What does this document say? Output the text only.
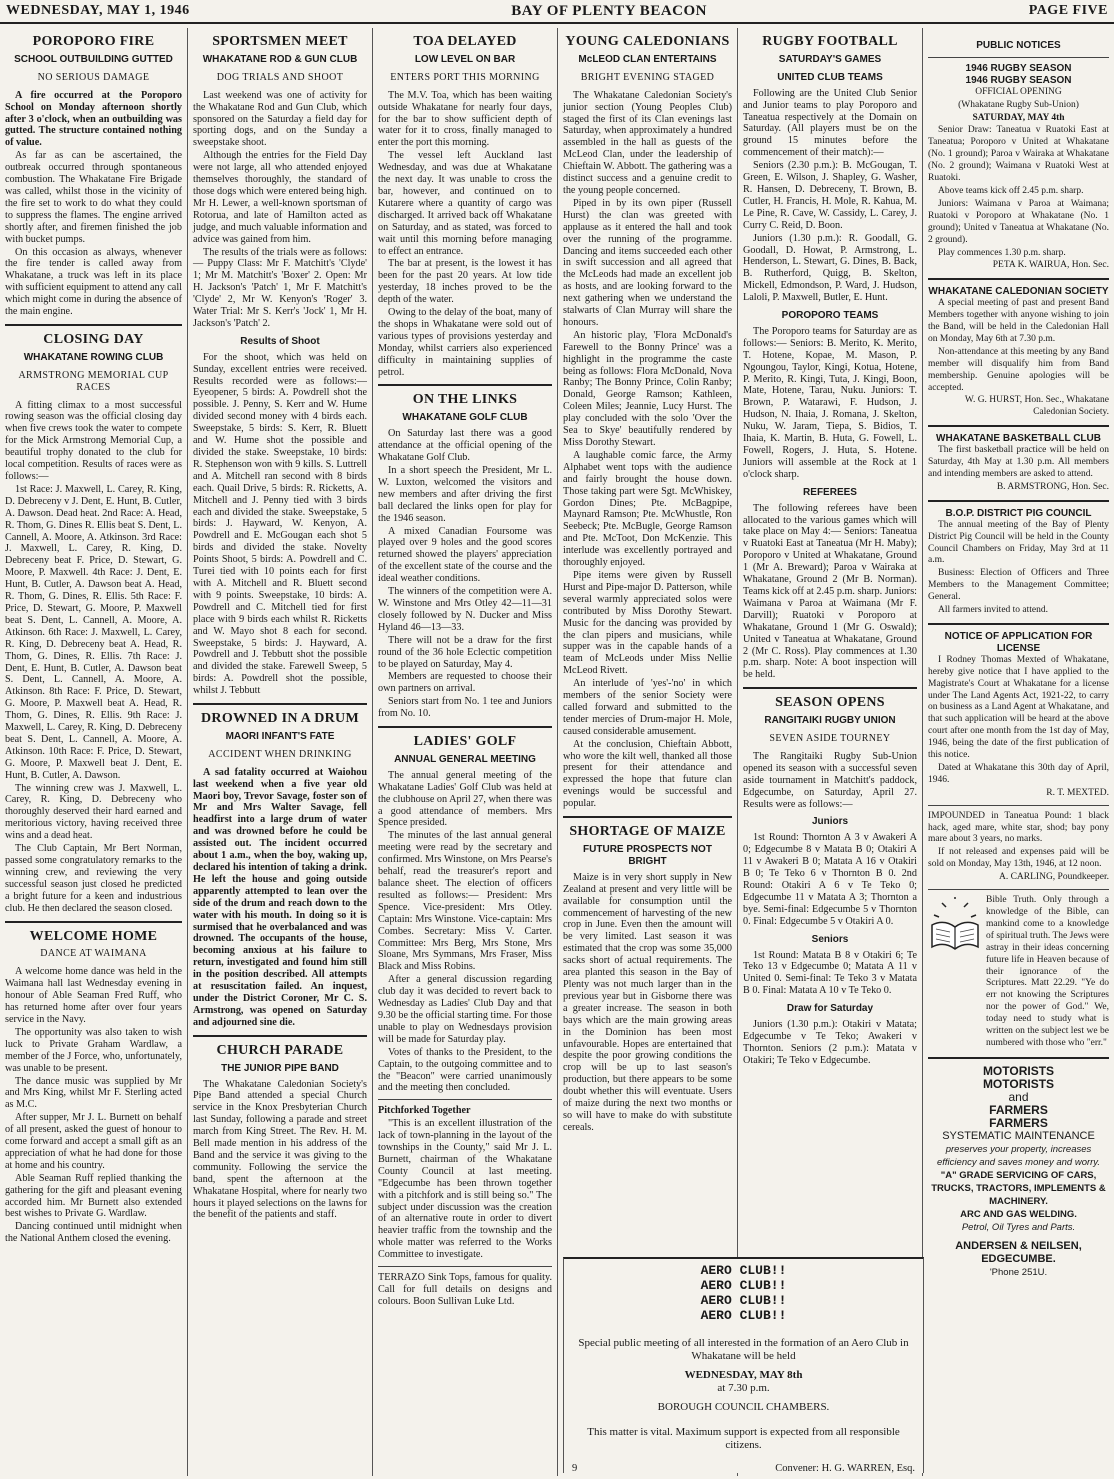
WEDNESDAY, MAY 1, 1946	BAY OF PLENTY BEACON	PAGE FIVE
POROPORO FIRE
SCHOOL OUTBUILDING GUTTED
NO SERIOUS DAMAGE

A fire occurred at the Poroporo School on Monday afternoon shortly after 3 o'clock, when an outbuilding was gutted. The structure contained nothing of value.

As far as can be ascertained, the outbreak occurred through spontaneous combustion. The Whakatane Fire Brigade was called, whilst those in the vicinity of the fire set to work to do what they could to suppress the flames. The engine arrived shortly after, and firemen finished the job with bucket pumps.

On this occasion as always, whenever the fire tender is called away from Whakatane, a truck was left in its place with sufficient equipment to attend any call which might come in during the absence of the main engine.

CLOSING DAY
WHAKATANE ROWING CLUB
ARMSTRONG MEMORIAL CUP RACES

A fitting climax to a most successful rowing season was the official closing day when five crews took the water to compete for the Mick Armstrong Memorial Cup, a beautiful trophy donated to the club for local competition. Results of races were as follows:—

1st Race: J. Maxwell, L. Carey, R. King, D. Debreceny v J. Dent, E. Hunt, B. Cutler, A. Dawson. Dead heat. 2nd Race: A. Head, R. Thom, G. Dines R. Ellis beat S. Dent, L. Cannell, A. Moore, A. Atkinson. 3rd Race: J. Maxwell, L. Carey, R. King, D. Debreceny beat F. Price, D. Stewart, G. Moore, P. Maxwell. 4th Race: J. Dent, E. Hunt, B. Cutler, A. Dawson beat A. Head, R. Thom, G. Dines, R. Ellis. 5th Race: F. Price, D. Stewart, G. Moore, P. Maxwell beat S. Dent, L. Cannell, A. Moore, A. Atkinson. 6th Race: J. Maxwell, L. Carey, R. King, D. Debreceny beat A. Head, R. Thom, G. Dines, R. Ellis. 7th Race: J. Dent, E. Hunt, B. Cutler, A. Dawson beat S. Dent, L. Cannell, A. Moore, A. Atkinson. 8th Race: F. Price, D. Stewart, G. Moore, P. Maxwell beat A. Head, R. Thom, G. Dines, R. Ellis. 9th Race: J. Maxwell, L. Carey, R. King, D. Debreceny beat S. Dent, L. Cannell, A. Moore, A. Atkinson. 10th Race: F. Price, D. Stewart, G. Moore, P. Maxwell beat J. Dent, E. Hunt, B. Cutler, A. Dawson.

The winning crew was J. Maxwell, L. Carey, R. King, D. Debreceny who thoroughly deserved their hard earned and meritorious victory, having received three wins and a dead heat.

The Club Captain, Mr Bert Norman, passed some congratulatory remarks to the winning crew, and reviewing the very successful season just closed he predicted a bright future for a keen and industrious club. He then declared the season closed.

WELCOME HOME
DANCE AT WAIMANA

A welcome home dance was held in the Waimana hall last Wednesday evening in honour of Able Seaman Fred Ruff, who has returned home after over four years service in the Navy.

The opportunity was also taken to wish luck to Private Graham Wardlaw, a member of the J Force, who, unfortunately, was unable to be present.

The dance music was supplied by Mr and Mrs King, whilst Mr F. Sterling acted as M.C.

After supper, Mr J. L. Burnett on behalf of all present, asked the guest of honour to come forward and accept a small gift as an appreciation of what he had done for those at home and his country.

Able Seaman Ruff replied thanking the gathering for the gift and pleasant evening accorded him. Mr Burnett also extended best wishes to Private G. Wardlaw.

Dancing continued until midnight when the National Anthem closed the evening.

SPORTSMEN MEET
WHAKATANE ROD & GUN CLUB
DOG TRIALS AND SHOOT

Last weekend was one of activity for the Whakatane Rod and Gun Club, which sponsored on the Saturday a field day for sporting dogs, and on the Sunday a sweepstake shoot.

Although the entries for the Field Day were not large, all who attended enjoyed themselves thoroughly, the standard of those dogs which were entered being high. Mr H. Lewer, a well-known sportsman of Rotorua, and late of Hamilton acted as judge, and much valuable information and advice was gained from him.

The results of the trials were as follows:— Puppy Class: Mr F. Matchitt's 'Clyde' 1; Mr M. Matchitt's 'Boxer' 2. Open: Mr H. Jackson's 'Patch' 1, Mr F. Matchitt's 'Clyde' 2, Mr W. Kenyon's 'Roger' 3. Water Trial: Mr S. Kerr's 'Jock' 1, Mr H. Jackson's 'Patch' 2.

Results of Shoot

For the shoot, which was held on Sunday, excellent entries were received. Results recorded were as follows:— Eyeopener, 5 birds: A. Powdrell shot the possible. J. Penny, S. Kerr and W. Hume divided second money with 4 birds each. Sweepstake, 5 birds: S. Kerr, R. Bluett and W. Hume shot the possible and divided the stake. Sweepstake, 10 birds: R. Stephenson won with 9 kills. S. Luttrell and A. Mitchell ran second with 8 birds each. Quail Drive, 5 birds: R. Ricketts, A. Mitchell and J. Penny tied with 3 birds each and divided the stake. Sweepstake, 5 birds: J. Hayward, W. Kenyon, A. Powdrell and E. McGougan each shot 5 birds and divided the stake. Novelty Points Shoot, 5 birds: A. Powdrell and C. Turei tied with 10 points each for first with A. Mitchell and R. Bluett second with 9 points. Sweepstake, 10 birds: A. Powdrell and C. Mitchell tied for first place with 9 birds each whilst R. Ricketts and W. Mayo shot 8 each for second. Sweepstake, 5 birds: J. Hayward, A. Powdrell and J. Tebbutt shot the possible and divided the stake. Farewell Sweep, 5 birds: A. Powdrell shot the possible, whilst J. Tebbutt

DROWNED IN A DRUM
MAORI INFANT'S FATE
ACCIDENT WHEN DRINKING

A sad fatality occurred at Waiohou last weekend when a five year old Maori boy, Trevor Savage, foster son of Mr and Mrs Walter Savage, fell headfirst into a large drum of water and was drowned before he could be assisted out. The incident occurred about 1 a.m., when the boy, waking up, declared his intention of taking a drink. He left the house and going outside apparently attempted to lean over the side of the drum and reach down to the water with his mouth. In doing so it is surmised that he overbalanced and was drowned. The occupants of the house, becoming anxious at his failure to return, investigated and found him still in the position described. All attempts at resuscitation failed. An inquest, under the District Coroner, Mr C. S. Armstrong, was opened on Saturday and adjourned sine die.

CHURCH PARADE
THE JUNIOR PIPE BAND

The Whakatane Caledonian Society's Pipe Band attended a special Church service in the Knox Presbyterian Church last Sunday, following a parade and street march from King Street. The Rev. H. M. Bell made mention in his address of the Band and the service it was giving to the community. Following the service the band, spent the afternoon at the Whakatane Hospital, where for nearly two hours it played selections on the lawns for the benefit of the patients and staff.

TOA DELAYED
LOW LEVEL ON BAR
ENTERS PORT THIS MORNING

The M.V. Toa, which has been waiting outside Whakatane for nearly four days, for the bar to show sufficient depth of water for it to cross, finally managed to enter the port this morning.

The vessel left Auckland last Wednesday, and was due at Whakatane the next day. It was unable to cross the bar, however, and continued on to Kutarere where a quantity of cargo was discharged. It arrived back off Whakatane on Saturday, and as stated, was forced to wait until this morning before managing to effect an entrance.

The bar at present, is the lowest it has been for the past 20 years. At low tide yesterday, 18 inches proved to be the depth of the water.

Owing to the delay of the boat, many of the shops in Whakatane were sold out of various types of provisions yesterday and Monday, whilst carriers also experienced difficulty in maintaining supplies of petrol.

ON THE LINKS
WHAKATANE GOLF CLUB

On Saturday last there was a good attendance at the official opening of the Whakatane Golf Club.

In a short speech the President, Mr L. W. Luxton, welcomed the visitors and new members and after driving the first ball declared the links open for play for the 1946 season.

A mixed Canadian Foursome was played over 9 holes and the good scores returned showed the players' appreciation of the excellent state of the course and the ideal weather conditions.

The winners of the competition were A. W. Winstone and Mrs Otley 42—11—31 closely followed by N. Ducker and Miss Hyland 46—13—33.

There will not be a draw for the first round of the 36 hole Eclectic competition to be played on Saturday, May 4.

Members are requested to choose their own partners on arrival.

Seniors start from No. 1 tee and Juniors from No. 10.

LADIES' GOLF
ANNUAL GENERAL MEETING

The annual general meeting of the Whakatane Ladies' Golf Club was held at the clubhouse on April 27, when there was a good attendance of members. Mrs Spence presided.

The minutes of the last annual general meeting were read by the secretary and confirmed. Mrs Winstone, on Mrs Pearse's behalf, read the treasurer's report and balance sheet. The election of officers resulted as follows:— President: Mrs Spence. Vice-president: Mrs Otley. Captain: Mrs Winstone. Vice-captain: Mrs Combes. Secretary: Miss V. Carter. Committee: Mrs Berg, Mrs Stone, Mrs Sloane, Mrs Symmans, Mrs Fraser, Miss Black and Miss Robins.

After a general discussion regarding club day it was decided to revert back to Wednesday as Ladies' Club Day and that 9.30 be the official starting time. For those unable to play on Wednesdays provision will be made for Saturday play.

Votes of thanks to the President, to the Captain, to the outgoing committee and to the "Beacon" were carried unanimously and the meeting then concluded.

Pitchforked Together

"This is an excellent illustration of the lack of town-planning in the layout of the townships in the County," said Mr J. L. Burnett, chairman of the Whakatane County Council at last meeting. "Edgecumbe has been thrown together with a pitchfork and is still being so." The subject under discussion was the creation of an alternative route in order to divert heavier traffic from the township and the whole matter was referred to the Works Committee to investigate.

TERRAZO Sink Tops, famous for quality. Call for full details on designs and colours. Boon Sullivan Luke Ltd.

YOUNG CALEDONIANS
McLEOD CLAN ENTERTAINS
BRIGHT EVENING STAGED

The Whakatane Caledonian Society's junior section (Young Peoples Club) staged the first of its Clan evenings last Saturday, when approximately a hundred assembled in the hall as guests of the McLeod Clan, under the leadership of Chieftain W. Abbott. The gathering was a distinct success and a genuine credit to the young people concerned.

Piped in by its own piper (Russell Hurst) the clan was greeted with applause as it entered the hall and took over the running of the programme. Dancing and items succeeded each other in swift succession and all agreed that the McLeods had made an excellent job as hosts, and are looking forward to the next gathering when we understand the stalwarts of Clan Murray will share the honours.

An historic play, 'Flora McDonald's Farewell to the Bonny Prince' was a highlight in the programme the caste being as follows: Flora McDonald, Nova Ranby; The Bonny Prince, Colin Ranby; Donald, George Ramson; Kathleen, Coleen Miles; Jeannie, Lucy Hurst. The play concluded with the solo 'Over the Sea to Skye' beautifully rendered by Miss Dorothy Stewart.

A laughable comic farce, the Army Alphabet went tops with the audience and fairly brought the house down. Those taking part were Sgt. McWhiskey, Gordon Dines; Pte. McBagpipe, Maynard Ramson; Pte. McWhustle, Ron Seebeck; Pte. McBugle, George Ramson and Pte. McToot, Don McKenzie. This interlude was excellently portrayed and thoroughly enjoyed.

Pipe items were given by Russell Hurst and Pipe-major D. Patterson, while several warmly appreciated solos were contributed by Miss Dorothy Stewart. Music for the dancing was provided by the clan pipers and musicians, while supper was in the capable hands of a team of McLeods under Miss Nellie McLeod Rivett.

An interlude of 'yes'-'no' in which members of the senior Society were called forward and submitted to the tender mercies of Drum-major H. Mole, caused considerable amusement.

At the conclusion, Chieftain Abbott, who wore the kilt well, thanked all those present for their attendance and expressed the hope that future clan evenings would be successful and popular.

SHORTAGE OF MAIZE
FUTURE PROSPECTS NOT BRIGHT

Maize is in very short supply in New Zealand at present and very little will be available for consumption until the commencement of harvesting of the new crop in June. Even then the amount will be very limited. Last season it was estimated that the crop was some 35,000 sacks short of actual requirements. The area planted this season in the Bay of Plenty was not much larger than in the previous year but in Gisborne there was a greater increase. The season in both bays which are the main growing areas in the Dominion has been most unfavourable. Hopes are entertained that despite the poor growing conditions the crop will be up to last season's production, but there appears to be some doubt whether this will eventuate. Users of maize during the next two months or so will have to make do with substitute cereals.

RUGBY FOOTBALL
SATURDAY'S GAMES
UNITED CLUB TEAMS

Following are the United Club Senior and Junior teams to play Poroporo and Taneatua respectively at the Domain on Saturday. (All players must be on the ground 15 minutes before the commencement of their match):—

Seniors (2.30 p.m.): B. McGougan, T. Green, E. Wilson, J. Shapley, G. Washer, R. Hansen, D. Debreceny, T. Brown, B. Cutler, H. Francis, H. Mole, R. Kahua, M. Le Pine, R. Cave, W. Cassidy, L. Carey, J. Curry C. Reid, D. Boon.

Juniors (1.30 p.m.): R. Goodall, G. Goodall, D. Howat, P. Armstrong, L. Henderson, L. Stewart, G. Dines, B. Back, B. Rutherford, Quigg, B. Skelton, Mickell, Edmondson, P. Ward, J. Hudson, Laloli, P. Maxwell, Butler, E. Hunt.

POROPORO TEAMS

The Poroporo teams for Saturday are as follows:— Seniors: B. Merito, K. Merito, T. Hotene, Kopae, M. Mason, P. Ngoungou, Taylor, Kingi, Kotua, Hotene, P. Merito, R. Kingi, Tuta, J. Kingi, Boon, Mate, Hotene, Tarau, Nuku. Juniors: T. Brown, P. Watarawi, F. Hudson, J. Hudson, N. Ihaia, J. Romana, J. Skelton, Nuku, W. Jaram, Tiepa, S. Bidios, T. Ihaia, K. Martin, B. Huta, G. Fowell, L. Fowell, Rogers, J. Huta, S. Hotene. Juniors will assemble at the Rock at 1 o'clock sharp.

REFEREES

The following referees have been allocated to the various games which will take place on May 4:— Seniors: Taneatua v Ruatoki East at Taneatua (Mr H. Maby); Poroporo v United at Whakatane, Ground 1 (Mr A. Breward); Paroa v Wairaka at Whakatane, Ground 2 (Mr B. Norman). Teams kick off at 2.45 p.m. sharp. Juniors: Waimana v Paroa at Waimana (Mr F. Darvill); Ruatoki v Poroporo at Whakatane, Ground 1 (Mr G. Oswald); United v Taneatua at Whakatane, Ground 2 (Mr C. Ross). Play commences at 1.30 p.m. sharp. Note: A boot inspection will be held.

SEASON OPENS
RANGITAIKI RUGBY UNION
SEVEN ASIDE TOURNEY

The Rangitaiki Rugby Sub-Union opened its season with a successful seven aside tournament in Matchitt's paddock, Edgecumbe, on Saturday, April 27. Results were as follows:—

Juniors

1st Round: Thornton A 3 v Awakeri A 0; Edgecumbe 8 v Matata B 0; Otakiri A 11 v Awakeri B 0; Matata A 16 v Otakiri B 0; Te Teko 6 v Thornton B 0. 2nd Round: Otakiri A 6 v Te Teko 0; Edgecumbe 11 v Matata A 3; Thornton a bye. Semi-final: Edgecumbe 5 v Thornton 0. Final: Edgecumbe 5 v Otakiri A 0.

Seniors

1st Round: Matata B 8 v Otakiri 6; Te Teko 13 v Edgecumbe 0; Matata A 11 v United 0. Semi-final: Te Teko 3 v Matata B 0. Final: Matata A 10 v Te Teko 0.

Draw for Saturday

Juniors (1.30 p.m.): Otakiri v Matata; Edgecumbe v Te Teko; Awakeri v Thornton. Seniors (2 p.m.): Matata v Otakiri; Te Teko v Edgecumbe.

PUBLIC NOTICES
1946 RUGBY SEASON
1946 RUGBY SEASON

OFFICIAL OPENING

(Whakatane Rugby Sub-Union)

SATURDAY, MAY 4th

Senior Draw: Taneatua v Ruatoki East at Taneatua; Poroporo v United at Whakatane (No. 1 ground); Paroa v Wairaka at Whakatane (No. 2 ground); Waimana v Ruatoki West at Ruatoki.

Above teams kick off 2.45 p.m. sharp.

Juniors: Waimana v Paroa at Waimana; Ruatoki v Poroporo at Whakatane (No. 1 ground); United v Taneatua at Whakatane (No. 2 ground).

Play commences 1.30 p.m. sharp.

PETA K. WAIRUA, Hon. Sec.

WHAKATANE CALEDONIAN SOCIETY

A special meeting of past and present Band Members together with anyone wishing to join the Band, will be held in the Caledonian Hall on Monday, May 6th at 7.30 p.m.

Non-attendance at this meeting by any Band member will disqualify him from Band membership. Genuine apologies will be accepted.

W. G. HURST, Hon. Sec., Whakatane Caledonian Society.

WHAKATANE BASKETBALL CLUB

The first basketball practice will be held on Saturday, 4th May at 1.30 p.m. All members and intending members are asked to attend.

B. ARMSTRONG, Hon. Sec.

B.O.P. DISTRICT PIG COUNCIL

The annual meeting of the Bay of Plenty District Pig Council will be held in the County Council Chambers on Friday, May 3rd at 11 a.m.

Business: Election of Officers and Three Members to the Management Committee; General.

All farmers invited to attend.

NOTICE OF APPLICATION FOR LICENSE

I Rodney Thomas Mexted of Whakatane, hereby give notice that I have applied to the Magistrate's Court at Whakatane for a license under The Land Agents Act, 1921-22, to carry on business as a Land Agent at Whakatane, and that such application will be heard at the above court after one month from the 1st day of May, 1946, being the date of the first publication of this notice.

Dated at Whakatane this 30th day of April, 1946.

R. T. MEXTED.

IMPOUNDED in Taneatua Pound: 1 black hack, aged mare, white star, shod; bay pony mare about 3 years, no marks.

If not released and expenses paid will be sold on Monday, May 13th, 1946, at 12 noon.

A. CARLING, Poundkeeper.

Bible Truth. Only through a knowledge of the Bible, can mankind come to a knowledge of spiritual truth. The Jews were astray in their ideas concerning future life in Heaven because of their ignorance of the Scriptures. Matt 22.29. "Ye do err not knowing the Scriptures nor the power of God." We, today need to study what is written on the subject lest we be numbered with those who "err."

MOTORISTS
MOTORISTS
and
FARMERS
FARMERS
SYSTEMATIC MAINTENANCE
preserves your property, increases efficiency and saves money and worry.
"A" GRADE SERVICING OF CARS, TRUCKS, TRACTORS, IMPLEMENTS & MACHINERY.
ARC AND GAS WELDING.
Petrol, Oil Tyres and Parts.
ANDERSEN & NEILSEN, EDGECUMBE.
'Phone 251U.
AERO CLUB!!
AERO CLUB!!
AERO CLUB!!
AERO CLUB!!
Special public meeting of all interested in the formation of an Aero Club in Whakatane will be held
WEDNESDAY, MAY 8th
at 7.30 p.m.
BOROUGH COUNCIL CHAMBERS.
This matter is vital. Maximum support is expected from all responsible citizens.
9	Convener: H. G. WARREN, Esq.
